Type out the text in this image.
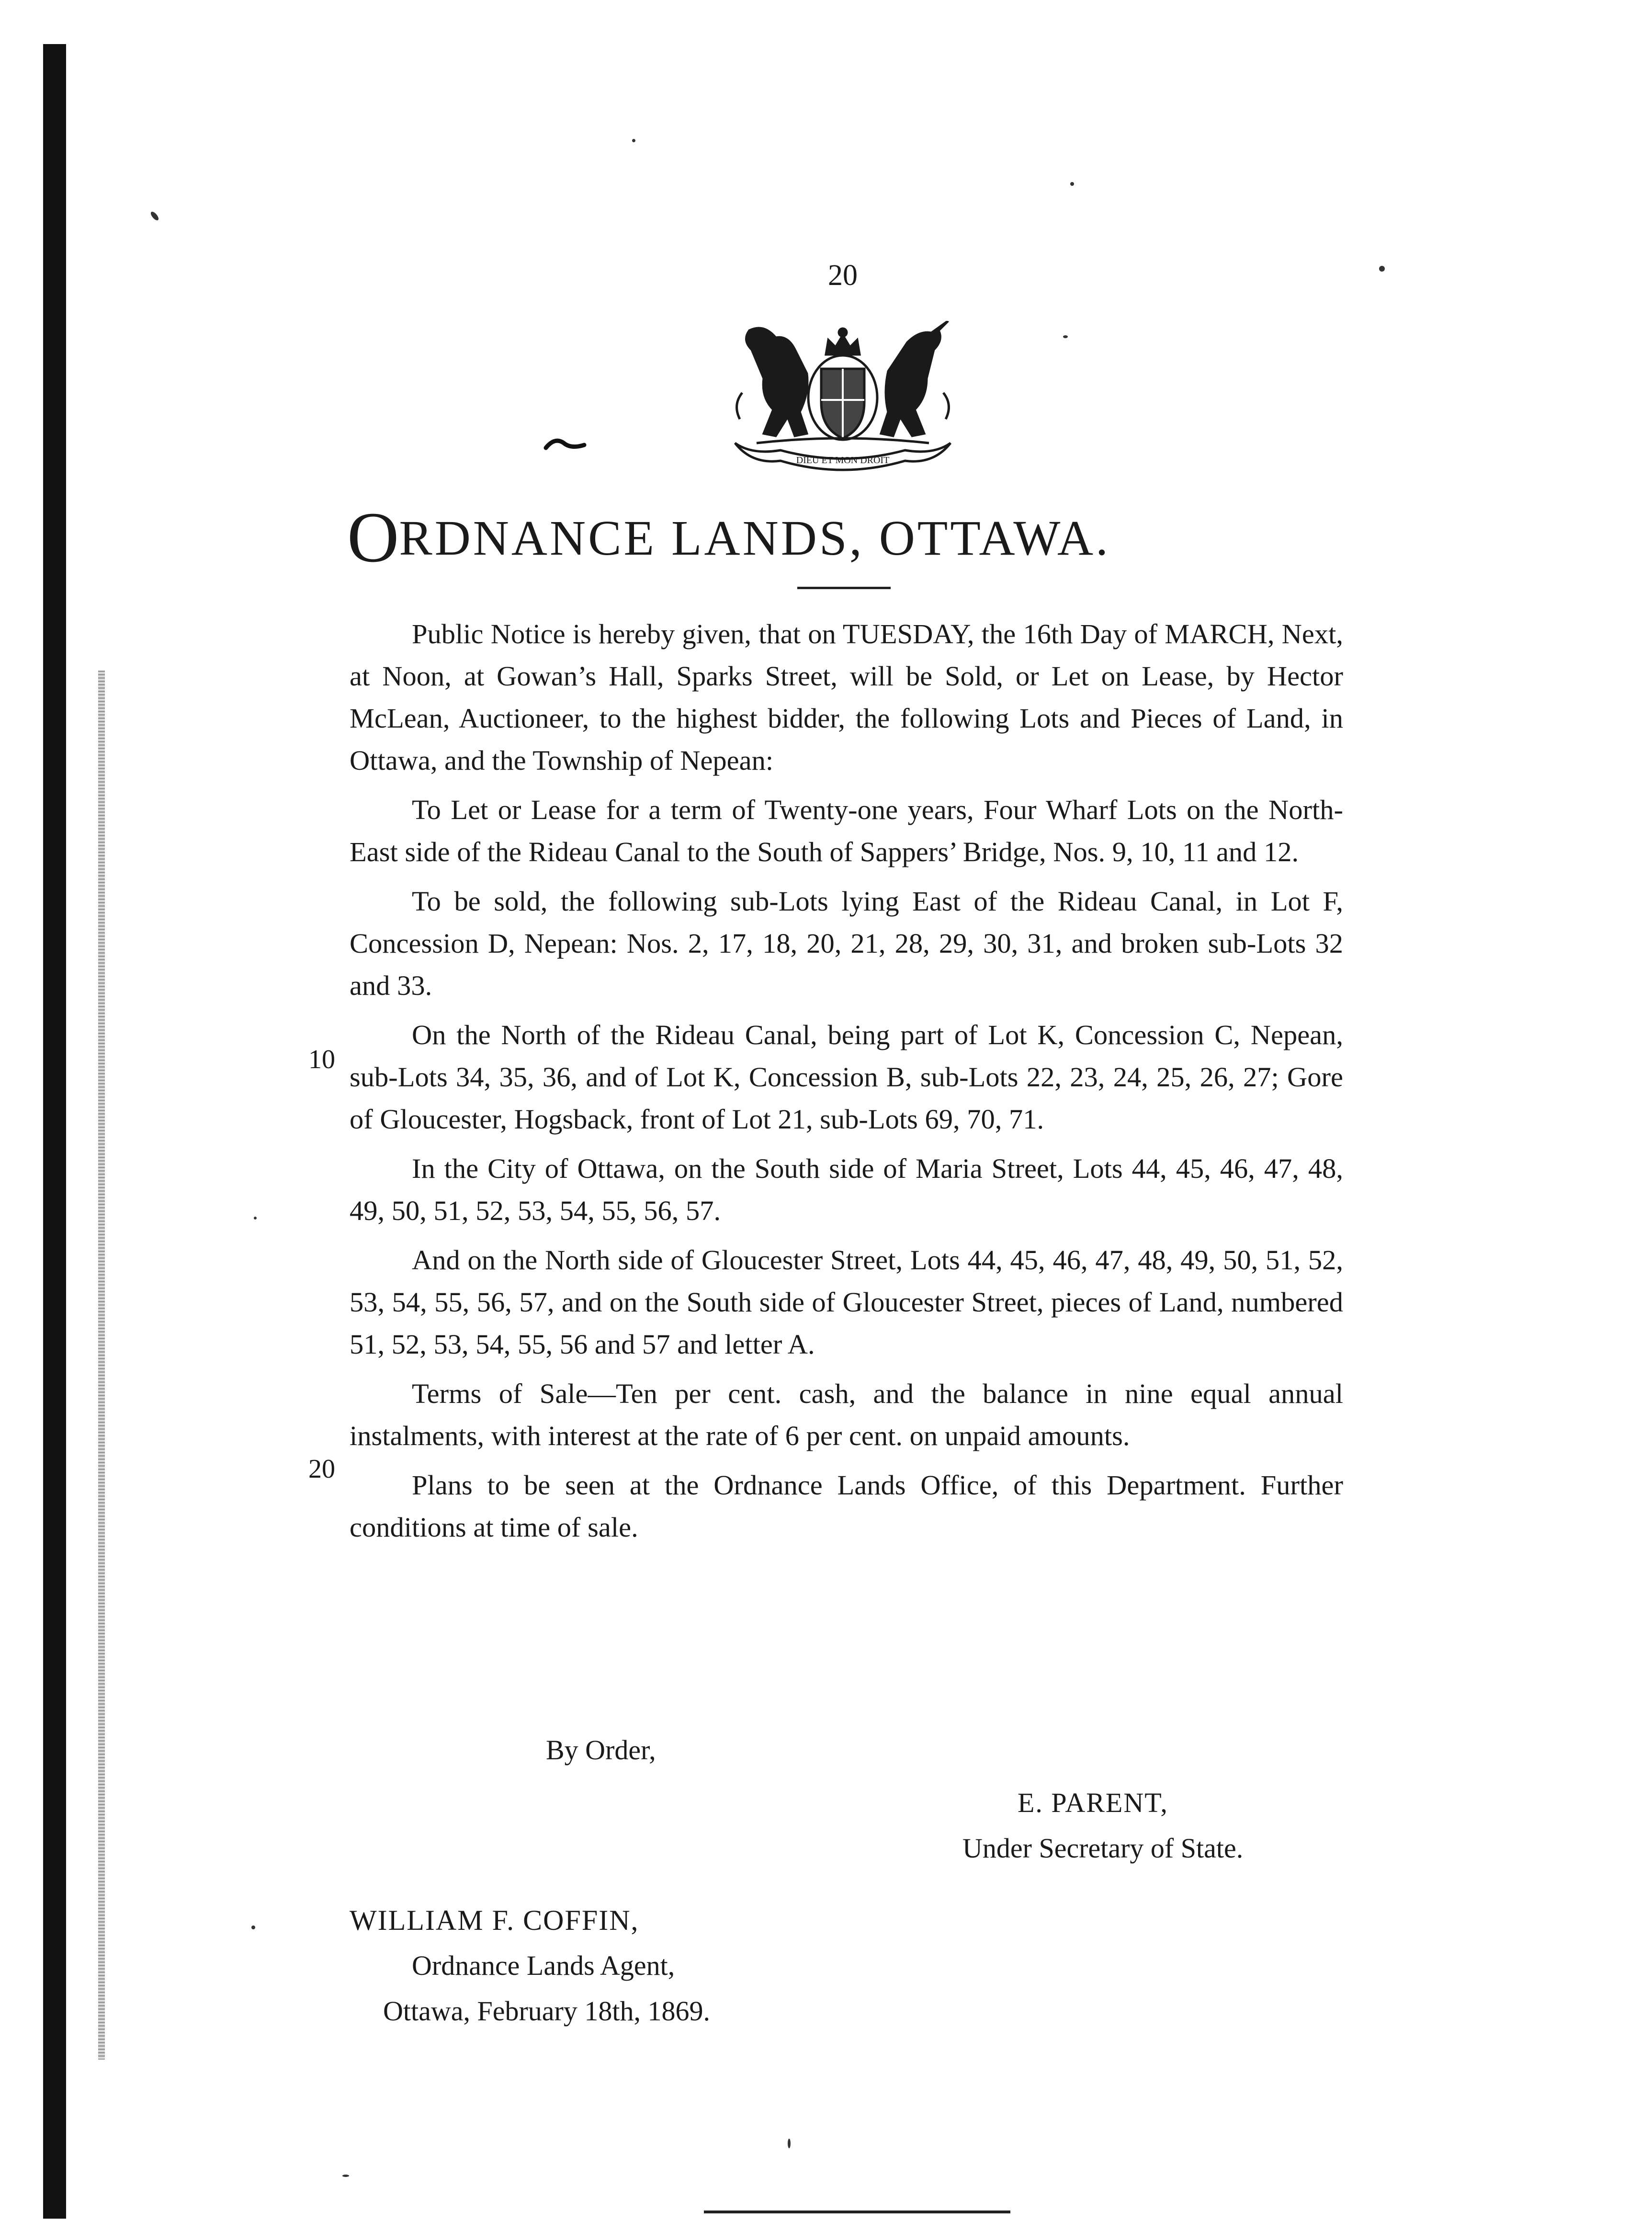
20
DIEU ET MON DROIT
ORDNANCE LANDS, OTTAWA.

Public Notice is hereby given, that on TUESDAY, the 16th Day of MARCH, Next, at Noon, at Gowan’s Hall, Sparks Street, will be Sold, or Let on Lease, by Hector McLean, Auctioneer, to the highest bidder, the following Lots and Pieces of Land, in Ottawa, and the Township of Nepean:

To Let or Lease for a term of Twenty-one years, Four Wharf Lots on the North-East side of the Rideau Canal to the South of Sappers’ Bridge, Nos. 9, 10, 11 and 12.

To be sold, the following sub-Lots lying East of the Rideau Canal, in Lot F, Concession D, Nepean: Nos. 2, 17, 18, 20, 21, 28, 29, 30, 31, and broken sub-Lots 32 and 33.

On the North of the Rideau Canal, being part of Lot K, Concession C, Nepean, sub-Lots 34, 35, 36, and of Lot K, Concession B, sub-Lots 22, 23, 24, 25, 26, 27; Gore of Gloucester, Hogsback, front of Lot 21, sub-Lots 69, 70, 71.

In the City of Ottawa, on the South side of Maria Street, Lots 44, 45, 46, 47, 48, 49, 50, 51, 52, 53, 54, 55, 56, 57.

And on the North side of Gloucester Street, Lots 44, 45, 46, 47, 48, 49, 50, 51, 52, 53, 54, 55, 56, 57, and on the South side of Gloucester Street, pieces of Land, numbered 51, 52, 53, 54, 55, 56 and 57 and letter A.

Terms of Sale—Ten per cent. cash, and the balance in nine equal annual instalments, with interest at the rate of 6 per cent. on unpaid amounts.

Plans to be seen at the Ordnance Lands Office, of this Department. Further conditions at time of sale.

10
20
By Order,
E. PARENT,
Under Secretary of State.
WILLIAM F. COFFIN,
Ordnance Lands Agent,
Ottawa, February 18th, 1869.
